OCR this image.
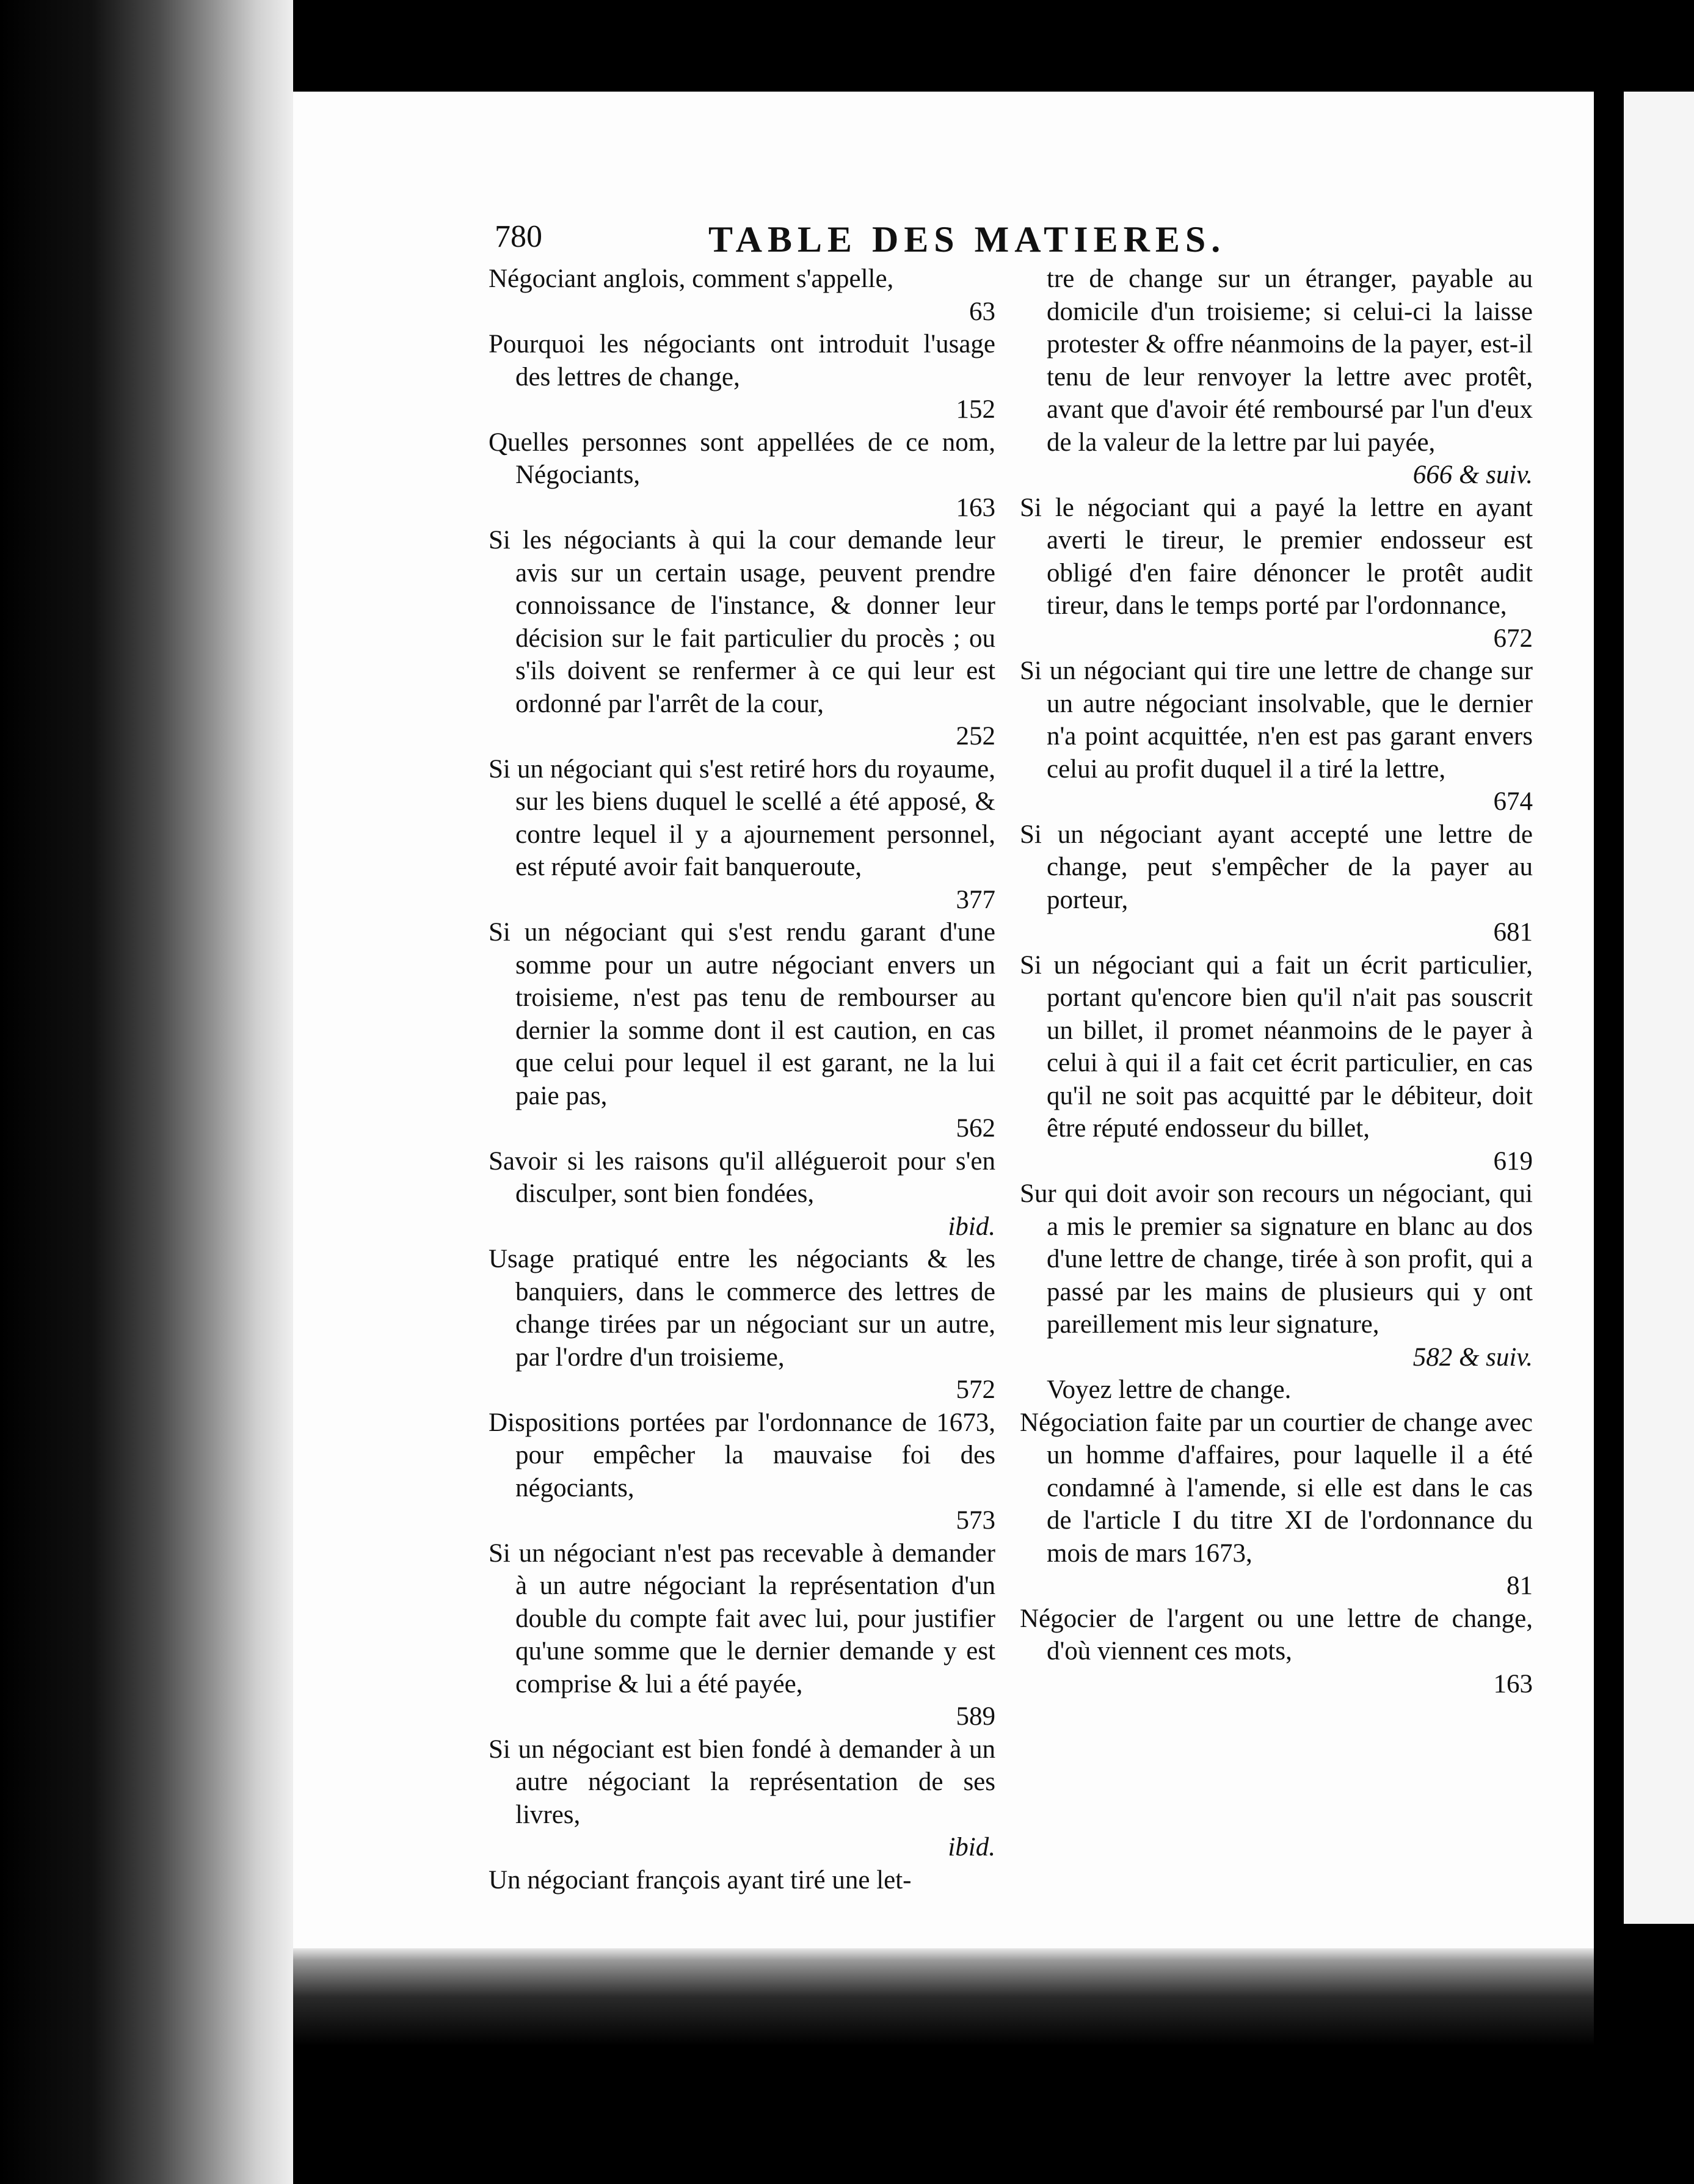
780	TABLE DES MATIERES.

Négociant anglois, comment s'appelle,
63

Pourquoi les négociants ont introduit l'usage des lettres de change,
152

Quelles personnes sont appellées de ce nom, Négociants,
163

Si les négociants à qui la cour demande leur avis sur un certain usage, peuvent prendre connoissance de l'instance, & donner leur décision sur le fait particulier du procès ; ou s'ils doivent se renfermer à ce qui leur est ordonné par l'arrêt de la cour,
252

Si un négociant qui s'est retiré hors du royaume, sur les biens duquel le scellé a été apposé, & contre lequel il y a ajournement personnel, est réputé avoir fait banqueroute,
377

Si un négociant qui s'est rendu garant d'une somme pour un autre négociant envers un troisieme, n'est pas tenu de rembourser au dernier la somme dont il est caution, en cas que celui pour lequel il est garant, ne la lui paie pas,
562

Savoir si les raisons qu'il allégueroit pour s'en disculper, sont bien fondées,
ibid.

Usage pratiqué entre les négociants & les banquiers, dans le commerce des lettres de change tirées par un négociant sur un autre, par l'ordre d'un troisieme,
572

Dispositions portées par l'ordonnance de 1673, pour empêcher la mauvaise foi des négociants,
573

Si un négociant n'est pas recevable à demander à un autre négociant la représentation d'un double du compte fait avec lui, pour justifier qu'une somme que le dernier demande y est comprise & lui a été payée,
589

Si un négociant est bien fondé à demander à un autre négociant la représentation de ses livres,
ibid.

Un négociant françois ayant tiré une let-

tre de change sur un étranger, payable au domicile d'un troisieme; si celui-ci la laisse protester & offre néanmoins de la payer, est-il tenu de leur renvoyer la lettre avec protêt, avant que d'avoir été remboursé par l'un d'eux de la valeur de la lettre par lui payée,
666 & suiv.

Si le négociant qui a payé la lettre en ayant averti le tireur, le premier endosseur est obligé d'en faire dénoncer le protêt audit tireur, dans le temps porté par l'ordonnance,
672

Si un négociant qui tire une lettre de change sur un autre négociant insolvable, que le dernier n'a point acquittée, n'en est pas garant envers celui au profit duquel il a tiré la lettre,
674

Si un négociant ayant accepté une lettre de change, peut s'empêcher de la payer au porteur,
681

Si un négociant qui a fait un écrit particulier, portant qu'encore bien qu'il n'ait pas souscrit un billet, il promet néanmoins de le payer à celui à qui il a fait cet écrit particulier, en cas qu'il ne soit pas acquitté par le débiteur, doit être réputé endosseur du billet,
619

Sur qui doit avoir son recours un négociant, qui a mis le premier sa signature en blanc au dos d'une lettre de change, tirée à son profit, qui a passé par les mains de plusieurs qui y ont pareillement mis leur signature,
582 & suiv.

Voyez lettre de change.

Négociation faite par un courtier de change avec un homme d'affaires, pour laquelle il a été condamné à l'amende, si elle est dans le cas de l'article I du titre XI de l'ordonnance du mois de mars 1673,
81

Négocier de l'argent ou une lettre de change, d'où viennent ces mots,
163
